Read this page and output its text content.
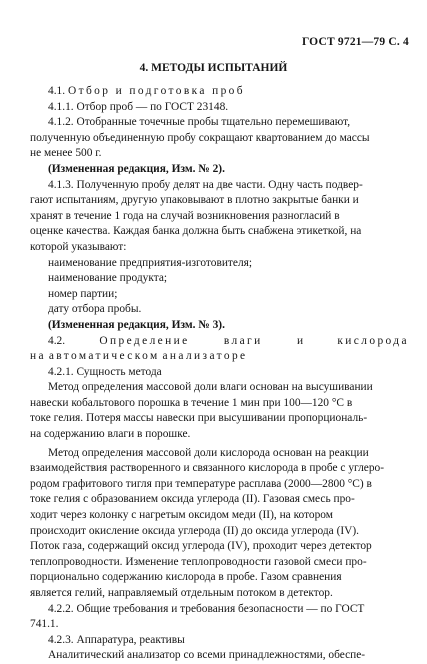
ГОСТ 9721—79 С. 4
4. МЕТОДЫ ИСПЫТАНИЙ

4.1. Отбор и подготовка проб

4.1.1. Отбор проб — по ГОСТ 23148.

4.1.2. Отобранные точечные пробы тщательно перемешивают,
полученную объединенную пробу сокращают квартованием до массы
не менее 500 г.

(Измененная редакция, Изм. № 2).

4.1.3. Полученную пробу делят на две части. Одну часть подвер-
гают испытаниям, другую упаковывают в плотно закрытые банки и
хранят в течение 1 года на случай возникновения разногласий в
оценке качества. Каждая банка должна быть снабжена этикеткой, на
которой указывают:
наименование предприятия-изготовителя;
наименование продукта;
номер партии;
дату отбора пробы.

(Измененная редакция, Изм. № 3).

4.2.	Определение	влаги	и	кислорода
на автоматическом анализаторе

4.2.1. Сущность метода

Метод определения массовой доли влаги основан на высушивании
навески кобальтового порошка в течение 1 мин при 100—120 °С в
токе гелия. Потеря массы навески при высушивании пропорциональ-
на содержанию влаги в порошке.
Метод определения массовой доли кислорода основан на реакции
взаимодействия растворенного и связанного кислорода в пробе с углеро-
родом графитового тигля при температуре расплава (2000—2800 °С) в
токе гелия с образованием оксида углерода (II). Газовая смесь про-
ходит через колонку с нагретым оксидом меди (II), на котором
происходит окисление оксида углерода (II) до оксида углерода (IV).
Поток газа, содержащий оксид углерода (IV), проходит через детектор
теплопроводности. Изменение теплопроводности газовой смеси про-
порционально содержанию кислорода в пробе. Газом сравнения
является гелий, направляемый отдельным потоком в детектор.
4.2.2. Общие требования и требования безопасности — по ГОСТ
741.1.

4.2.3. Аппаратура, реактивы

Аналитический анализатор со всеми принадлежностями, обеспе-
